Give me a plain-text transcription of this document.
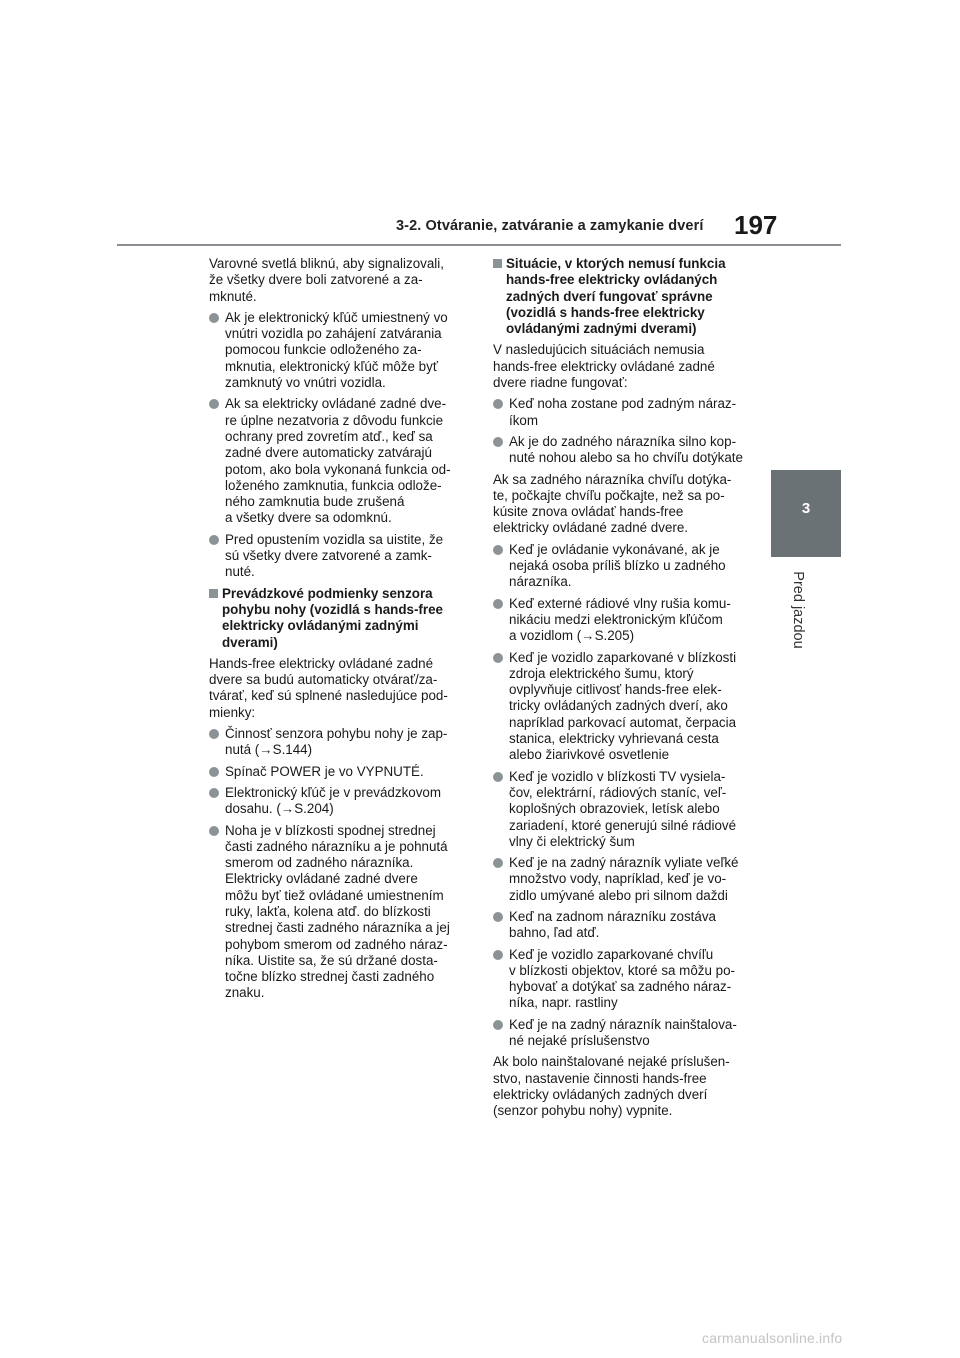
3-2. Otváranie, zatváranie a zamykanie dverí 197
3
Pred jazdou

Varovné svetlá bliknú, aby signalizovali,
že všetky dvere boli zatvorené a za-
mknuté.

Ak je elektronický kľúč umiestnený vo
vnútri vozidla po zahájení zatvárania
pomocou funkcie odloženého za-
mknutia, elektronický kľúč môže byť
zamknutý vo vnútri vozidla.

Ak sa elektricky ovládané zadné dve-
re úplne nezatvoria z dôvodu funkcie
ochrany pred zovretím atď., keď sa
zadné dvere automaticky zatvárajú
potom, ako bola vykonaná funkcia od-
loženého zamknutia, funkcia odlože-
ného zamknutia bude zrušená
a všetky dvere sa odomknú.

Pred opustením vozidla sa uistite, že
sú všetky dvere zatvorené a zamk-
nuté.

Prevádzkové podmienky senzora
pohybu nohy (vozidlá s hands-free
elektricky ovládanými zadnými
dverami)

Hands-free elektricky ovládané zadné
dvere sa budú automaticky otvárať/za-
tvárať, keď sú splnené nasledujúce pod-
mienky:

Činnosť senzora pohybu nohy je zap-
nutá (→S.144)

Spínač POWER je vo VYPNUTÉ.

Elektronický kľúč je v prevádzkovom
dosahu. (→S.204)

Noha je v blízkosti spodnej strednej
časti zadného nárazníku a je pohnutá
smerom od zadného nárazníka.
Elektricky ovládané zadné dvere
môžu byť tiež ovládané umiestnením
ruky, lakťa, kolena atď. do blízkosti
strednej časti zadného nárazníka a jej
pohybom smerom od zadného náraz-
níka. Uistite sa, že sú držané dosta-
točne blízko strednej časti zadného
znaku.

Situácie, v ktorých nemusí funkcia
hands-free elektricky ovládaných
zadných dverí fungovať správne
(vozidlá s hands-free elektricky
ovládanými zadnými dverami)

V nasledujúcich situáciách nemusia
hands-free elektricky ovládané zadné
dvere riadne fungovať:

Keď noha zostane pod zadným náraz-
íkom

Ak je do zadného nárazníka silno kop-
nuté nohou alebo sa ho chvíľu dotýkate

Ak sa zadného nárazníka chvíľu dotýka-
te, počkajte chvíľu počkajte, než sa po-
kúsite znova ovládať hands-free
elektricky ovládané zadné dvere.

Keď je ovládanie vykonávané, ak je
nejaká osoba príliš blízko u zadného
nárazníka.

Keď externé rádiové vlny rušia komu-
nikáciu medzi elektronickým kľúčom
a vozidlom (→S.205)

Keď je vozidlo zaparkované v blízkosti
zdroja elektrického šumu, ktorý
ovplyvňuje citlivosť hands-free elek-
tricky ovládaných zadných dverí, ako
napríklad parkovací automat, čerpacia
stanica, elektricky vyhrievaná cesta
alebo žiarivkové osvetlenie

Keď je vozidlo v blízkosti TV vysiela-
čov, elektrární, rádiových staníc, veľ-
koplošných obrazoviek, letísk alebo
zariadení, ktoré generujú silné rádiové
vlny či elektrický šum

Keď je na zadný nárazník vyliate veľké
množstvo vody, napríklad, keď je vo-
zidlo umývané alebo pri silnom daždi

Keď na zadnom nárazníku zostáva
bahno, ľad atď.

Keď je vozidlo zaparkované chvíľu
v blízkosti objektov, ktoré sa môžu po-
hybovať a dotýkať sa zadného náraz-
níka, napr. rastliny

Keď je na zadný nárazník nainštalova-
né nejaké príslušenstvo

Ak bolo nainštalované nejaké príslušen-
stvo, nastavenie činnosti hands-free
elektricky ovládaných zadných dverí
(senzor pohybu nohy) vypnite.

carmanualsonline.info
